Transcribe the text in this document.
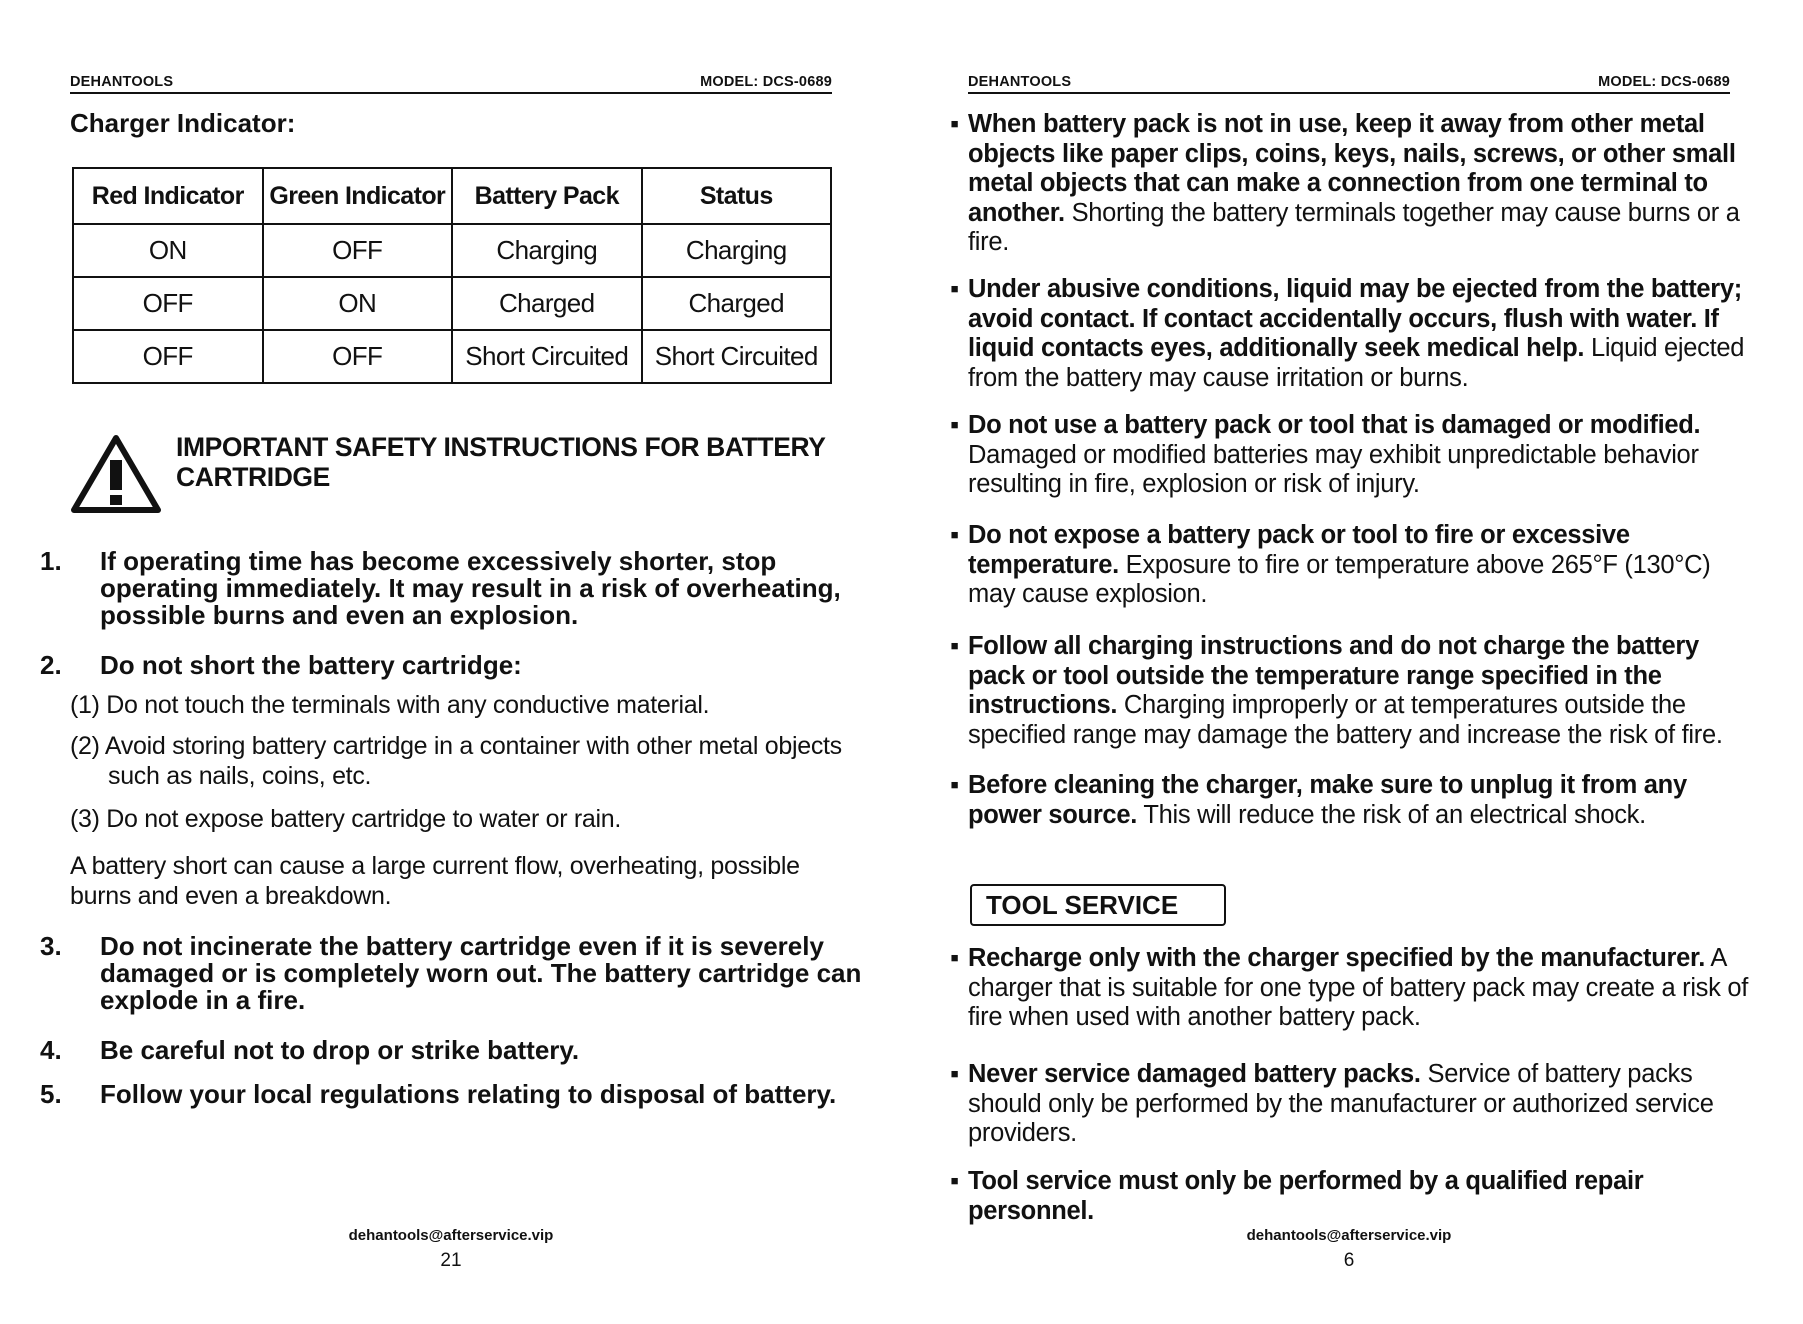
DEHANTOOLS	MODEL: DCS-0689
Charger Indicator:
Red Indicator	Green Indicator	Battery Pack	Status
ON	OFF	Charging	Charging
OFF	ON	Charged	Charged
OFF	OFF	Short Circuited	Short Circuited
IMPORTANT SAFETY INSTRUCTIONS FOR BATTERY CARTRIDGE
1. If operating time has become excessively shorter, stop operating immediately. It may result in a risk of overheating, possible burns and even an explosion.
2. Do not short the battery cartridge:
(1) Do not touch the terminals with any conductive material.
(2) Avoid storing battery cartridge in a container with other metal objects such as nails, coins, etc.
(3) Do not expose battery cartridge to water or rain.
A battery short can cause a large current flow, overheating, possible burns and even a breakdown.
3. Do not incinerate the battery cartridge even if it is severely damaged or is completely worn out. The battery cartridge can explode in a fire.
4. Be careful not to drop or strike battery.
5. Follow your local regulations relating to disposal of battery.
dehantools@afterservice.vip
21
DEHANTOOLS	MODEL: DCS-0689
▪ When battery pack is not in use, keep it away from other metal objects like paper clips, coins, keys, nails, screws, or other small metal objects that can make a connection from one terminal to another. Shorting the battery terminals together may cause burns or a fire.
▪ Under abusive conditions, liquid may be ejected from the battery; avoid contact. If contact accidentally occurs, flush with water. If liquid contacts eyes, additionally seek medical help. Liquid ejected from the battery may cause irritation or burns.
▪ Do not use a battery pack or tool that is damaged or modified. Damaged or modified batteries may exhibit unpredictable behavior resulting in fire, explosion or risk of injury.
▪ Do not expose a battery pack or tool to fire or excessive temperature. Exposure to fire or temperature above 265°F (130°C) may cause explosion.
▪ Follow all charging instructions and do not charge the battery pack or tool outside the temperature range specified in the instructions. Charging improperly or at temperatures outside the specified range may damage the battery and increase the risk of fire.
▪ Before cleaning the charger, make sure to unplug it from any power source. This will reduce the risk of an electrical shock.
TOOL SERVICE
▪ Recharge only with the charger specified by the manufacturer. A charger that is suitable for one type of battery pack may create a risk of fire when used with another battery pack.
▪ Never service damaged battery packs. Service of battery packs should only be performed by the manufacturer or authorized service providers.
▪ Tool service must only be performed by a qualified repair personnel.
dehantools@afterservice.vip
6
